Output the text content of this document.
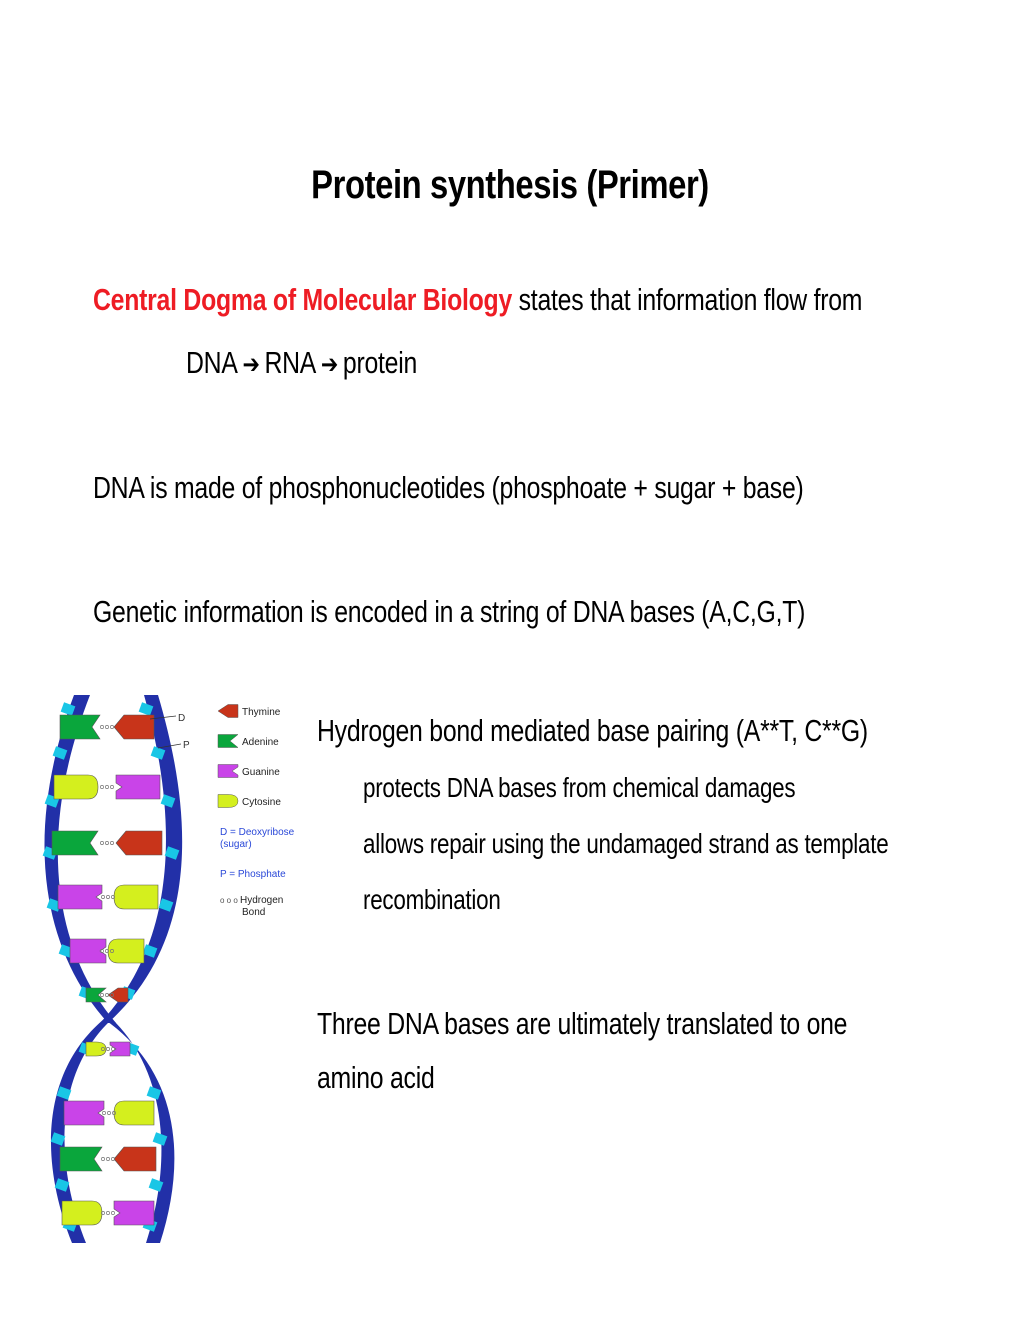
Protein synthesis (Primer)
Central Dogma of Molecular Biology states that information flow from
DNA ➔ RNA ➔ protein
DNA is made of phosphonucleotides (phosphoate + sugar + base)
Genetic information is encoded in a string of DNA bases (A,C,G,T)
Hydrogen bond mediated base pairing (A**T, C**G)
protects DNA bases from chemical damages
allows repair using the undamaged strand as template
recombination
Three DNA bases are ultimately translated to one
amino acid
D
P
Thymine
Adenine
Guanine
Cytosine
D = Deoxyribose
(sugar)
P = Phosphate
o o o Hydrogen
Bond
